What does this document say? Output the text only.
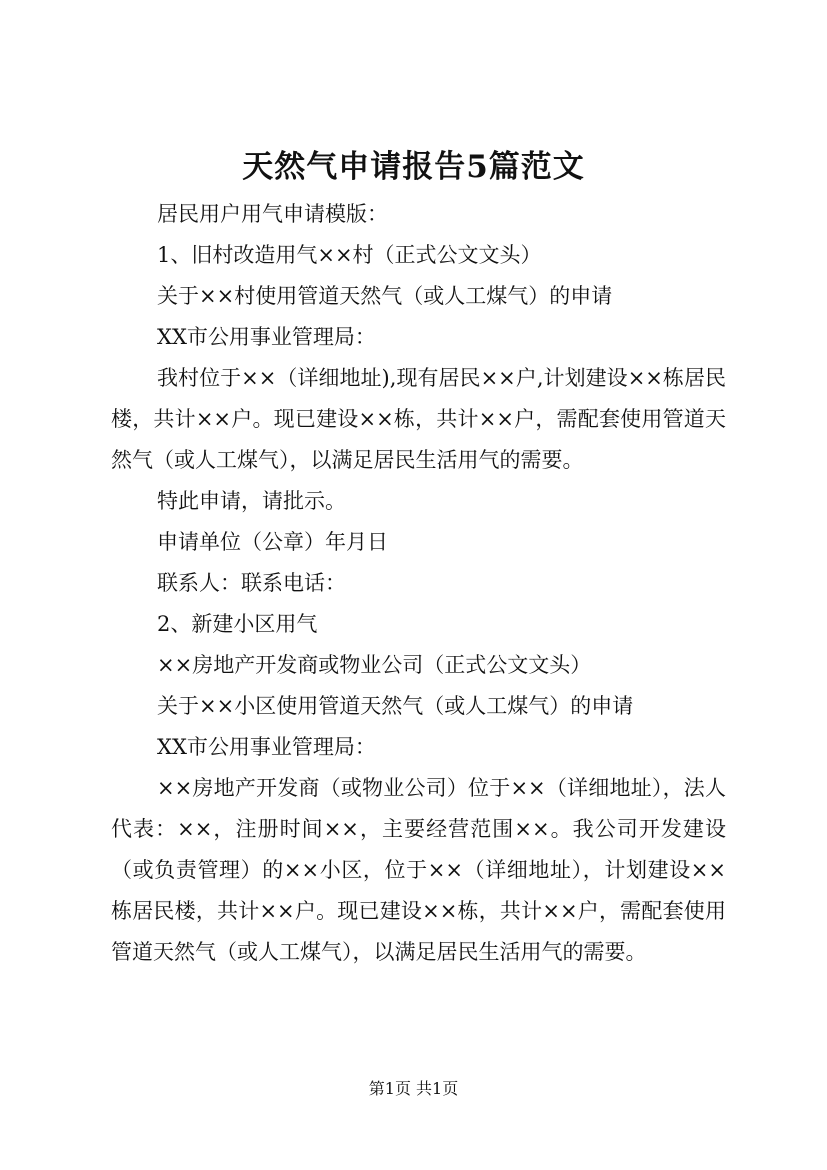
天然气申请报告5篇范文

居民用户用气申请模版：

1、旧村改造用气××村（正式公文文头）

关于××村使用管道天然气（或人工煤气）的申请

XX市公用事业管理局：

我村位于××（详细地址),现有居民××户,计划建设××栋居民楼，共计××户。现已建设××栋，共计××户，需配套使用管道天然气（或人工煤气），以满足居民生活用气的需要。

特此申请，请批示。

申请单位（公章）年月日

联系人：联系电话：

2、新建小区用气

××房地产开发商或物业公司（正式公文文头）

关于××小区使用管道天然气（或人工煤气）的申请

XX市公用事业管理局：

××房地产开发商（或物业公司）位于××（详细地址），法人代表：××，注册时间××，主要经营范围××。我公司开发建设（或负责管理）的××小区，位于××（详细地址），计划建设××栋居民楼，共计××户。现已建设××栋，共计××户，需配套使用管道天然气（或人工煤气），以满足居民生活用气的需要。

第1页 共1页
